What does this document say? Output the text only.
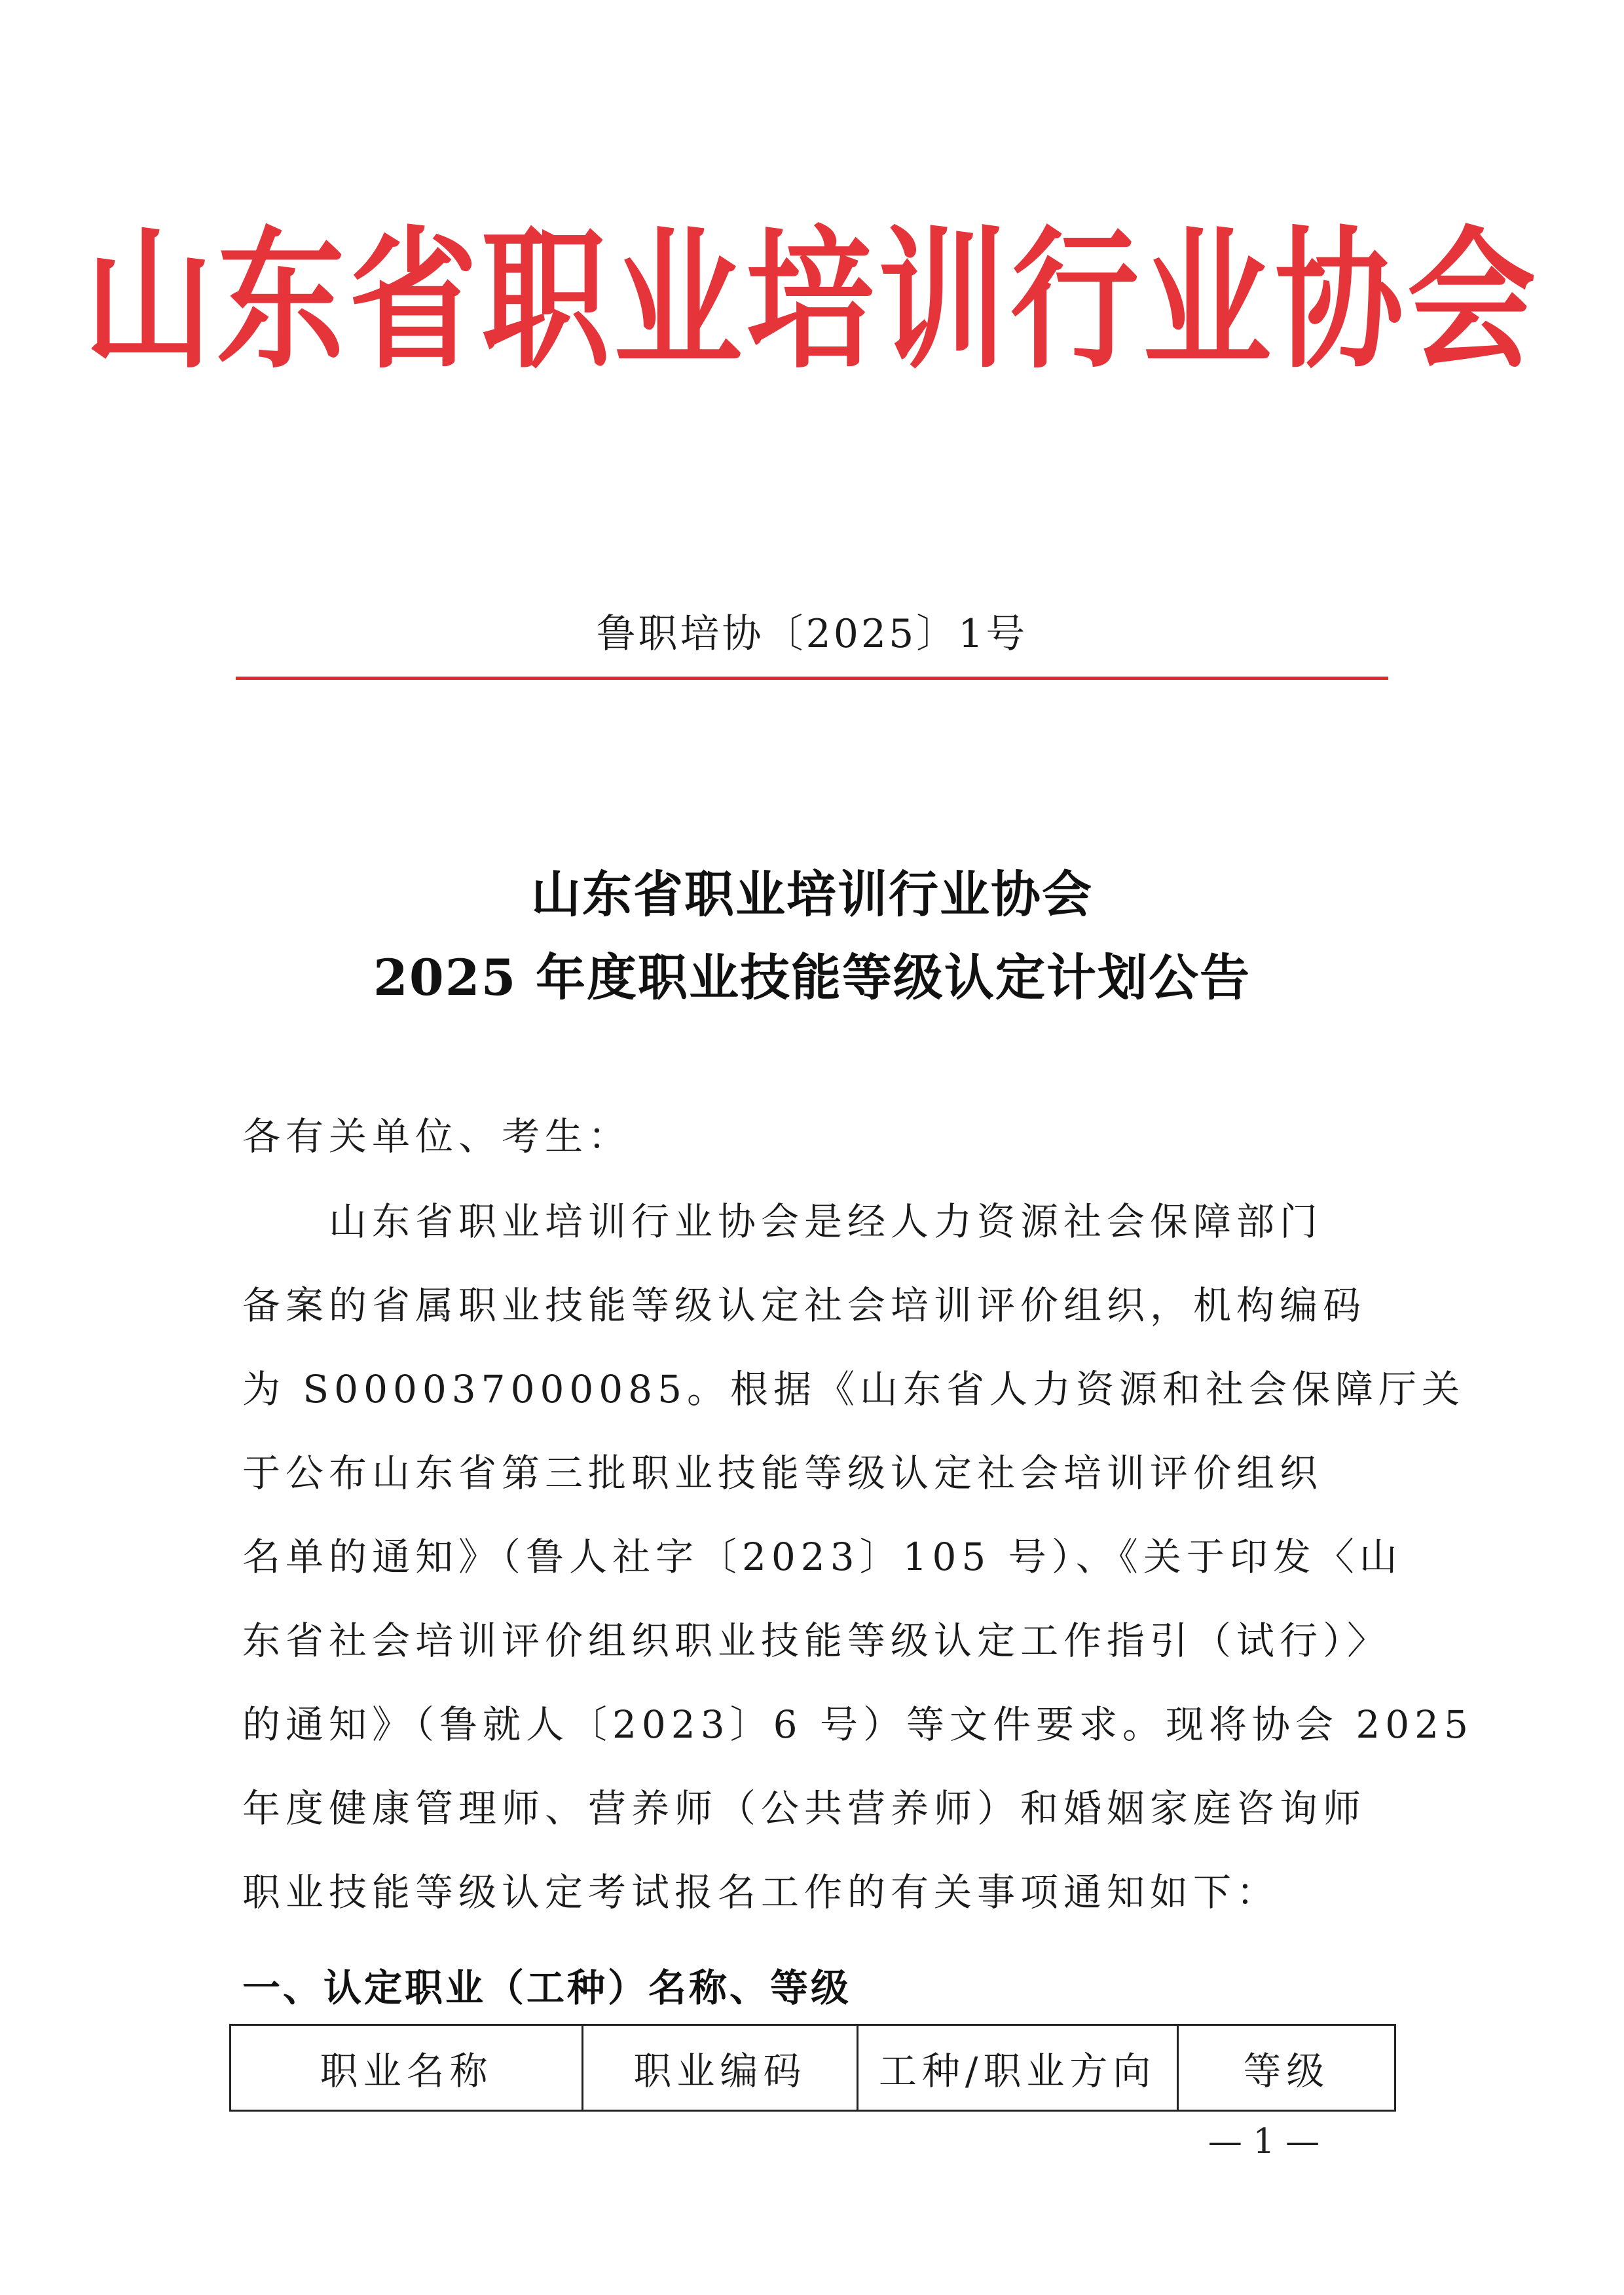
山东省职业培训行业协会
鲁职培协〔2025〕1号
山东省职业培训行业协会
2025 年度职业技能等级认定计划公告
各有关单位、考生：
　　山东省职业培训行业协会是经人力资源社会保障部门
备案的省属职业技能等级认定社会培训评价组织，机构编码
为 S000037000085。根据《山东省人力资源和社会保障厅关
于公布山东省第三批职业技能等级认定社会培训评价组织
名单的通知》（鲁人社字〔2023〕105 号）、《关于印发〈山
东省社会培训评价组织职业技能等级认定工作指引（试行）〉
的通知》（鲁就人〔2023〕6 号）等文件要求。现将协会 2025
年度健康管理师、营养师（公共营养师）和婚姻家庭咨询师
职业技能等级认定考试报名工作的有关事项通知如下：
一、认定职业（工种）名称、等级
职业名称	职业编码	工种/职业方向	等级
— 1 —
